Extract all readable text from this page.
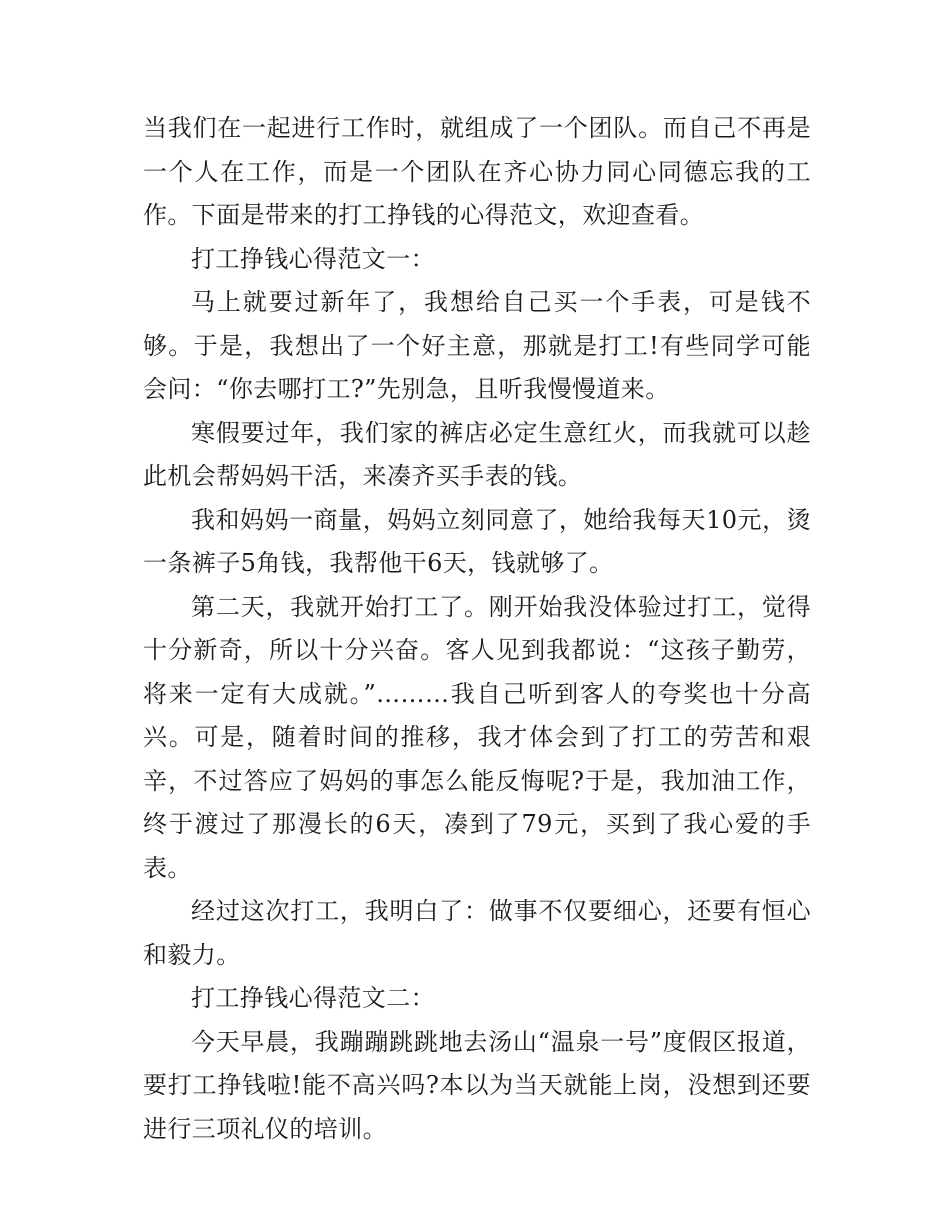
当我们在一起进行工作时，就组成了一个团队。而自己不再是一个人在工作，而是一个团队在齐心协力同心同德忘我的工作。下面是带来的打工挣钱的心得范文，欢迎查看。

打工挣钱心得范文一：

马上就要过新年了，我想给自己买一个手表，可是钱不够。于是，我想出了一个好主意，那就是打工!有些同学可能会问：“你去哪打工?”先别急，且听我慢慢道来。

寒假要过年，我们家的裤店必定生意红火，而我就可以趁此机会帮妈妈干活，来凑齐买手表的钱。

我和妈妈一商量，妈妈立刻同意了，她给我每天10元，烫一条裤子5角钱，我帮他干6天，钱就够了。

第二天，我就开始打工了。刚开始我没体验过打工，觉得十分新奇，所以十分兴奋。客人见到我都说：“这孩子勤劳，将来一定有大成就。”………我自己听到客人的夸奖也十分高兴。可是，随着时间的推移，我才体会到了打工的劳苦和艰辛，不过答应了妈妈的事怎么能反悔呢?于是，我加油工作，终于渡过了那漫长的6天，凑到了79元，买到了我心爱的手表。

经过这次打工，我明白了：做事不仅要细心，还要有恒心和毅力。

打工挣钱心得范文二：

今天早晨，我蹦蹦跳跳地去汤山“温泉一号”度假区报道，要打工挣钱啦!能不高兴吗?本以为当天就能上岗，没想到还要进行三项礼仪的培训。
